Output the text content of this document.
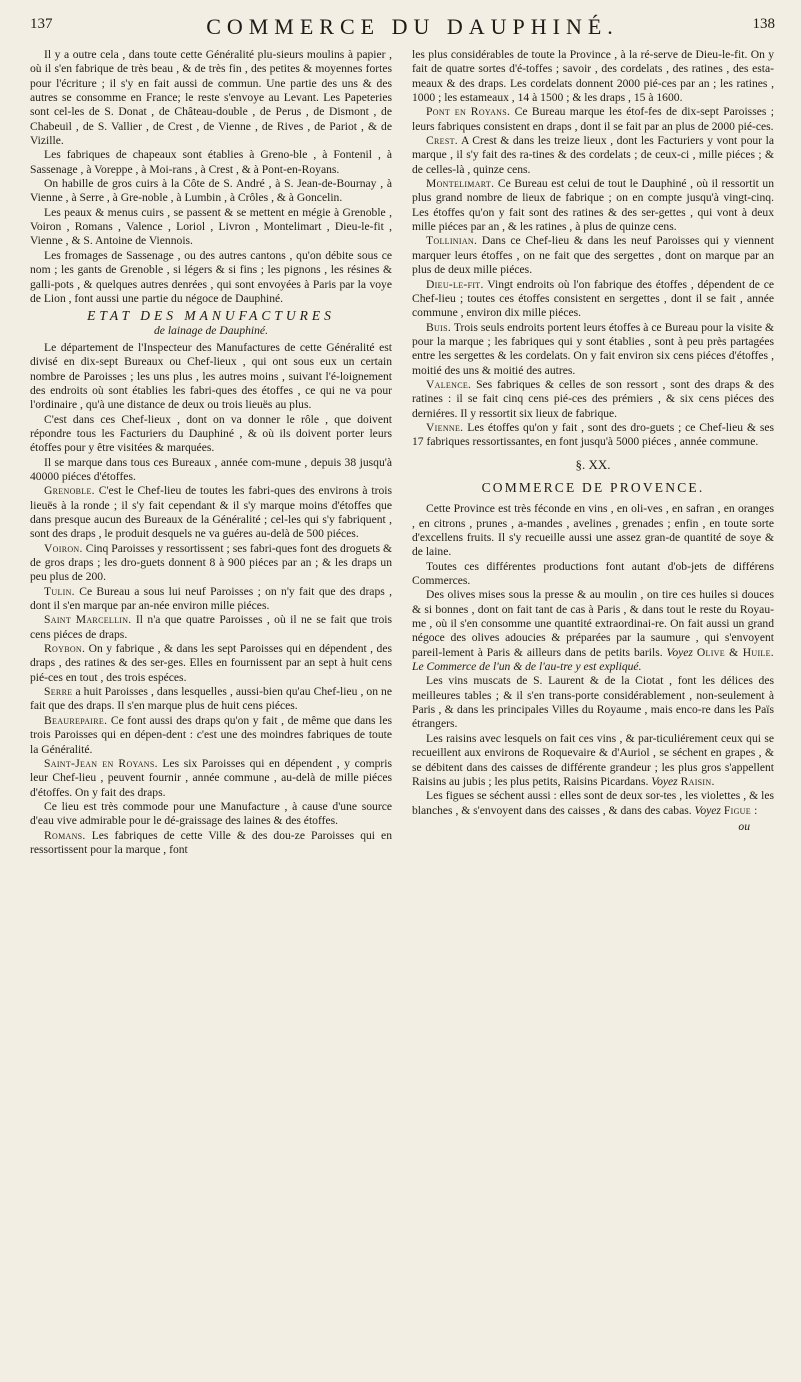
137	COMMERCE DU DAUPHINÉ.	138

Il y a outre cela , dans toute cette Généralité plu-sieurs moulins à papier , où il s'en fabrique de très beau , & de très fin , des petites & moyennes fortes pour l'écriture ; il s'y en fait aussi de commun. Une partie des uns & des autres se consomme en France; le reste s'envoye au Levant. Les Papeteries sont cel-les de S. Donat , de Château-double , de Perus , de Dismont , de Chabeuil , de S. Vallier , de Crest , de Vienne , de Rives , de Pariot , & de Vizille.

Les fabriques de chapeaux sont établies à Greno-ble , à Fontenil , à Sassenage , à Voreppe , à Moi-rans , à Crest , & à Pont-en-Royans.

On habille de gros cuirs à la Côte de S. André , à S. Jean-de-Bournay , à Vienne , à Serre , à Gre-noble , à Lumbin , à Crôles , & à Goncelin.

Les peaux & menus cuirs , se passent & se mettent en mégie à Grenoble , Voiron , Romans , Valence , Loriol , Livron , Montelimart , Dieu-le-fit , Vienne , & S. Antoine de Viennois.

Les fromages de Sassenage , ou des autres cantons , qu'on débite sous ce nom ; les gants de Grenoble , si légers & si fins ; les pignons , les résines & galli-pots , & quelques autres denrées , qui sont envoyées à Paris par la voye de Lion , font aussi une partie du négoce de Dauphiné.

ETAT DES MANUFACTURES

de lainage de Dauphiné.

Le département de l'Inspecteur des Manufactures de cette Généralité est divisé en dix-sept Bureaux ou Chef-lieux , qui ont sous eux un certain nombre de Paroisses ; les uns plus , les autres moins , suivant l'é-loignement des endroits où sont établies les fabri-ques des étoffes , ce qui ne va pour l'ordinaire , qu'à une distance de deux ou trois lieuës au plus.

C'est dans ces Chef-lieux , dont on va donner le rôle , que doivent répondre tous les Facturiers du Dauphiné , & où ils doivent porter leurs étoffes pour y être visitées & marquées.

Il se marque dans tous ces Bureaux , année com-mune , depuis 38 jusqu'à 40000 piéces d'étoffes.

Grenoble. C'est le Chef-lieu de toutes les fabri-ques des environs à trois lieuës à la ronde ; il s'y fait cependant & il s'y marque moins d'étoffes que dans presque aucun des Bureaux de la Généralité ; cel-les qui s'y fabriquent , sont des draps , le produit desquels ne va guéres au-delà de 500 piéces.

Voiron. Cinq Paroisses y ressortissent ; ses fabri-ques font des droguets & de gros draps ; les dro-guets donnent 8 à 900 piéces par an ; & les draps un peu plus de 200.

Tulin. Ce Bureau a sous lui neuf Paroisses ; on n'y fait que des draps , dont il s'en marque par an-née environ mille piéces.

Saint Marcellin. Il n'a que quatre Paroisses , où il ne se fait que trois cens piéces de draps.

Roybon. On y fabrique , & dans les sept Paroisses qui en dépendent , des draps , des ratines & des ser-ges. Elles en fournissent par an sept à huit cens pié-ces en tout , des trois espéces.

Serre a huit Paroisses , dans lesquelles , aussi-bien qu'au Chef-lieu , on ne fait que des draps. Il s'en marque plus de huit cens piéces.

Beaurepaire. Ce font aussi des draps qu'on y fait , de même que dans les trois Paroisses qui en dépen-dent : c'est une des moindres fabriques de toute la Généralité.

Saint-Jean en Royans. Les six Paroisses qui en dépendent , y compris leur Chef-lieu , peuvent fournir , année commune , au-delà de mille piéces d'étoffes. On y fait des draps.

Ce lieu est très commode pour une Manufacture , à cause d'une source d'eau vive admirable pour le dé-graissage des laines & des étoffes.

Romans. Les fabriques de cette Ville & des dou-ze Paroisses qui en ressortissent pour la marque , font

les plus considérables de toute la Province , à la ré-serve de Dieu-le-fit. On y fait de quatre sortes d'é-toffes ; savoir , des cordelats , des ratines , des esta-meaux & des draps. Les cordelats donnent 2000 pié-ces par an ; les ratines , 1000 ; les estameaux , 14 à 1500 ; & les draps , 15 à 1600.

Pont en Royans. Ce Bureau marque les étof-fes de dix-sept Paroisses ; leurs fabriques consistent en draps , dont il se fait par an plus de 2000 pié-ces.

Crest. A Crest & dans les treize lieux , dont les Facturiers y vont pour la marque , il s'y fait des ra-tines & des cordelats ; de ceux-ci , mille piéces ; & de celles-là , quinze cens.

Montelimart. Ce Bureau est celui de tout le Dauphiné , où il ressortit un plus grand nombre de lieux de fabrique ; on en compte jusqu'à vingt-cinq. Les étoffes qu'on y fait sont des ratines & des ser-gettes , qui vont à deux mille piéces par an , & les ratines , à plus de quinze cens.

Tollinian. Dans ce Chef-lieu & dans les neuf Paroisses qui y viennent marquer leurs étoffes , on ne fait que des sergettes , dont on marque par an plus de deux mille piéces.

Dieu-le-fit. Vingt endroits où l'on fabrique des étoffes , dépendent de ce Chef-lieu ; toutes ces étoffes consistent en sergettes , dont il se fait , année commune , environ dix mille piéces.

Buis. Trois seuls endroits portent leurs étoffes à ce Bureau pour la visite & pour la marque ; les fabriques qui y sont établies , sont à peu près partagées entre les sergettes & les cordelats. On y fait environ six cens piéces d'étoffes , moitié des uns & moitié des autres.

Valence. Ses fabriques & celles de son ressort , sont des draps & des ratines : il se fait cinq cens pié-ces des prémiers , & six cens piéces des derniéres. Il y ressortit six lieux de fabrique.

Vienne. Les étoffes qu'on y fait , sont des dro-guets ; ce Chef-lieu & ses 17 fabriques ressortissantes, en font jusqu'à 5000 piéces , année commune.

§. XX.

COMMERCE DE PROVENCE.

Cette Province est très féconde en vins , en oli-ves , en safran , en oranges , en citrons , prunes , a-mandes , avelines , grenades ; enfin , en toute sorte d'excellens fruits. Il s'y recueille aussi une assez gran-de quantité de soye & de laine.

Toutes ces différentes productions font autant d'ob-jets de différens Commerces.

Des olives mises sous la presse & au moulin , on tire ces huiles si douces & si bonnes , dont on fait tant de cas à Paris , & dans tout le reste du Royau-me , où il s'en consomme une quantité extraordinai-re. On fait aussi un grand négoce des olives adoucies & préparées par la saumure , qui s'envoyent pareil-lement à Paris & ailleurs dans de petits barils. Voyez Olive & Huile. Le Commerce de l'un & de l'au-tre y est expliqué.

Les vins muscats de S. Laurent & de la Ciotat , font les délices des meilleures tables ; & il s'en trans-porte considérablement , non-seulement à Paris , & dans les principales Villes du Royaume , mais enco-re dans les Païs étrangers.

Les raisins avec lesquels on fait ces vins , & par-ticuliérement ceux qui se recueillent aux environs de Roquevaire & d'Auriol , se séchent en grapes , & se débitent dans des caisses de différente grandeur ; les plus gros s'appellent Raisins au jubis ; les plus petits, Raisins Picardans. Voyez Raisin.

Les figues se séchent aussi : elles sont de deux sor-tes , les violettes , & les blanches , & s'envoyent dans des caisses , & dans des cabas. Voyez Figue :

ou
